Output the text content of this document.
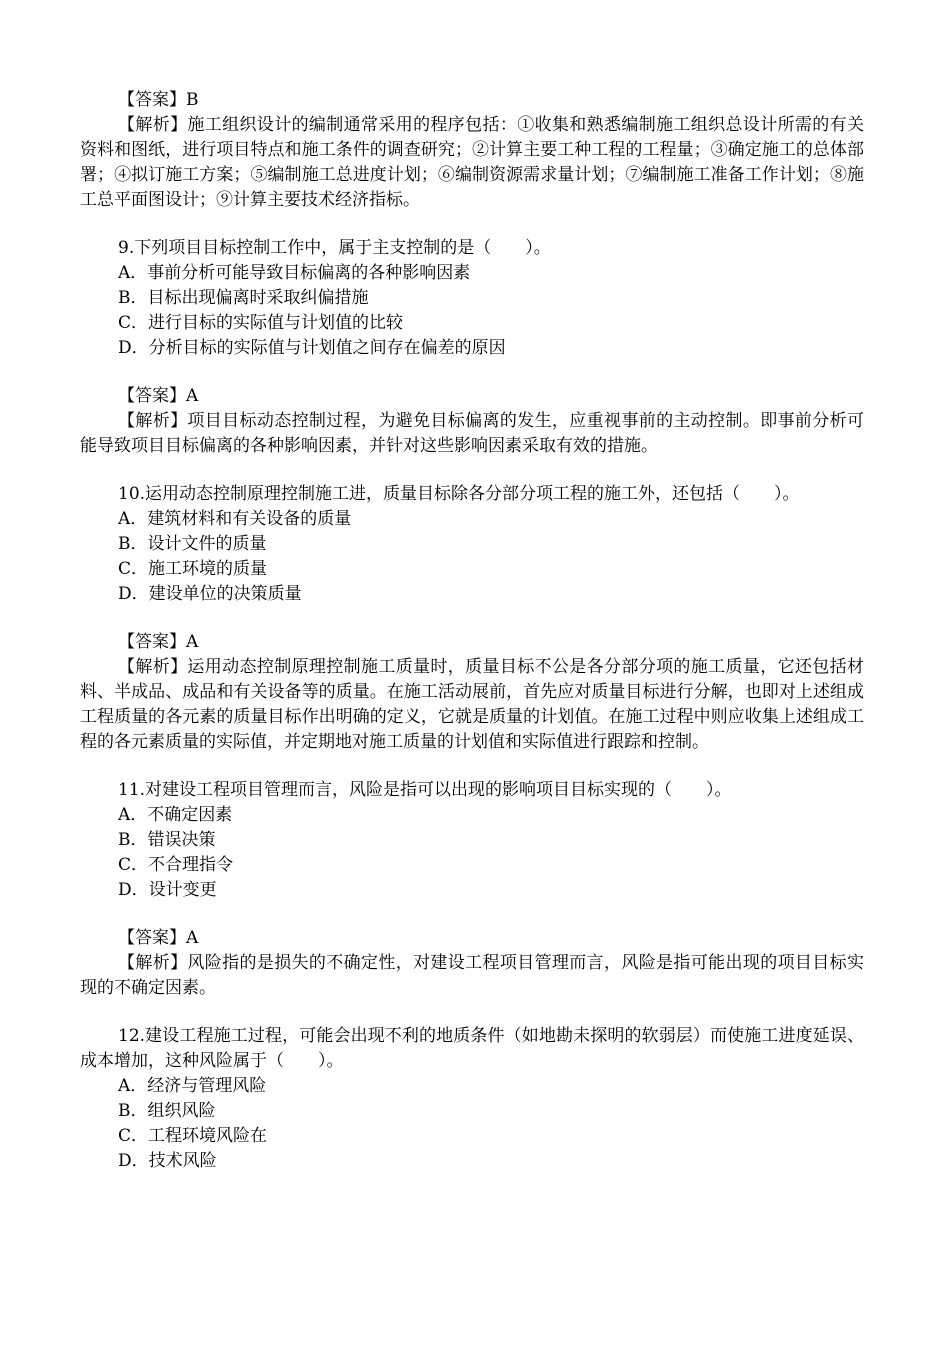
【答案】B

【解析】施工组织设计的编制通常采用的程序包括：①收集和熟悉编制施工组织总设计所需的有关资料和图纸，进行项目特点和施工条件的调查研究；②计算主要工种工程的工程量；③确定施工的总体部署；④拟订施工方案；⑤编制施工总进度计划；⑥编制资源需求量计划；⑦编制施工准备工作计划；⑧施工总平面图设计；⑨计算主要技术经济指标。

9.下列项目目标控制工作中，属于主支控制的是（　　）。

A．事前分析可能导致目标偏离的各种影响因素

B．目标出现偏离时采取纠偏措施

C．进行目标的实际值与计划值的比较

D．分析目标的实际值与计划值之间存在偏差的原因

【答案】A

【解析】项目目标动态控制过程，为避免目标偏离的发生，应重视事前的主动控制。即事前分析可能导致项目目标偏离的各种影响因素，并针对这些影响因素采取有效的措施。

10.运用动态控制原理控制施工进，质量目标除各分部分项工程的施工外，还包括（　　）。

A．建筑材料和有关设备的质量

B．设计文件的质量

C．施工环境的质量

D．建设单位的决策质量

【答案】A

【解析】运用动态控制原理控制施工质量时，质量目标不公是各分部分项的施工质量，它还包括材料、半成品、成品和有关设备等的质量。在施工活动展前，首先应对质量目标进行分解，也即对上述组成工程质量的各元素的质量目标作出明确的定义，它就是质量的计划值。在施工过程中则应收集上述组成工程的各元素质量的实际值，并定期地对施工质量的计划值和实际值进行跟踪和控制。

11.对建设工程项目管理而言，风险是指可以出现的影响项目目标实现的（　　）。

A．不确定因素

B．错误决策

C．不合理指令

D．设计变更

【答案】A

【解析】风险指的是损失的不确定性，对建设工程项目管理而言，风险是指可能出现的项目目标实现的不确定因素。

12.建设工程施工过程，可能会出现不利的地质条件（如地勘未探明的软弱层）而使施工进度延误、成本增加，这种风险属于（　　）。

A．经济与管理风险

B．组织风险

C．工程环境风险在

D．技术风险
